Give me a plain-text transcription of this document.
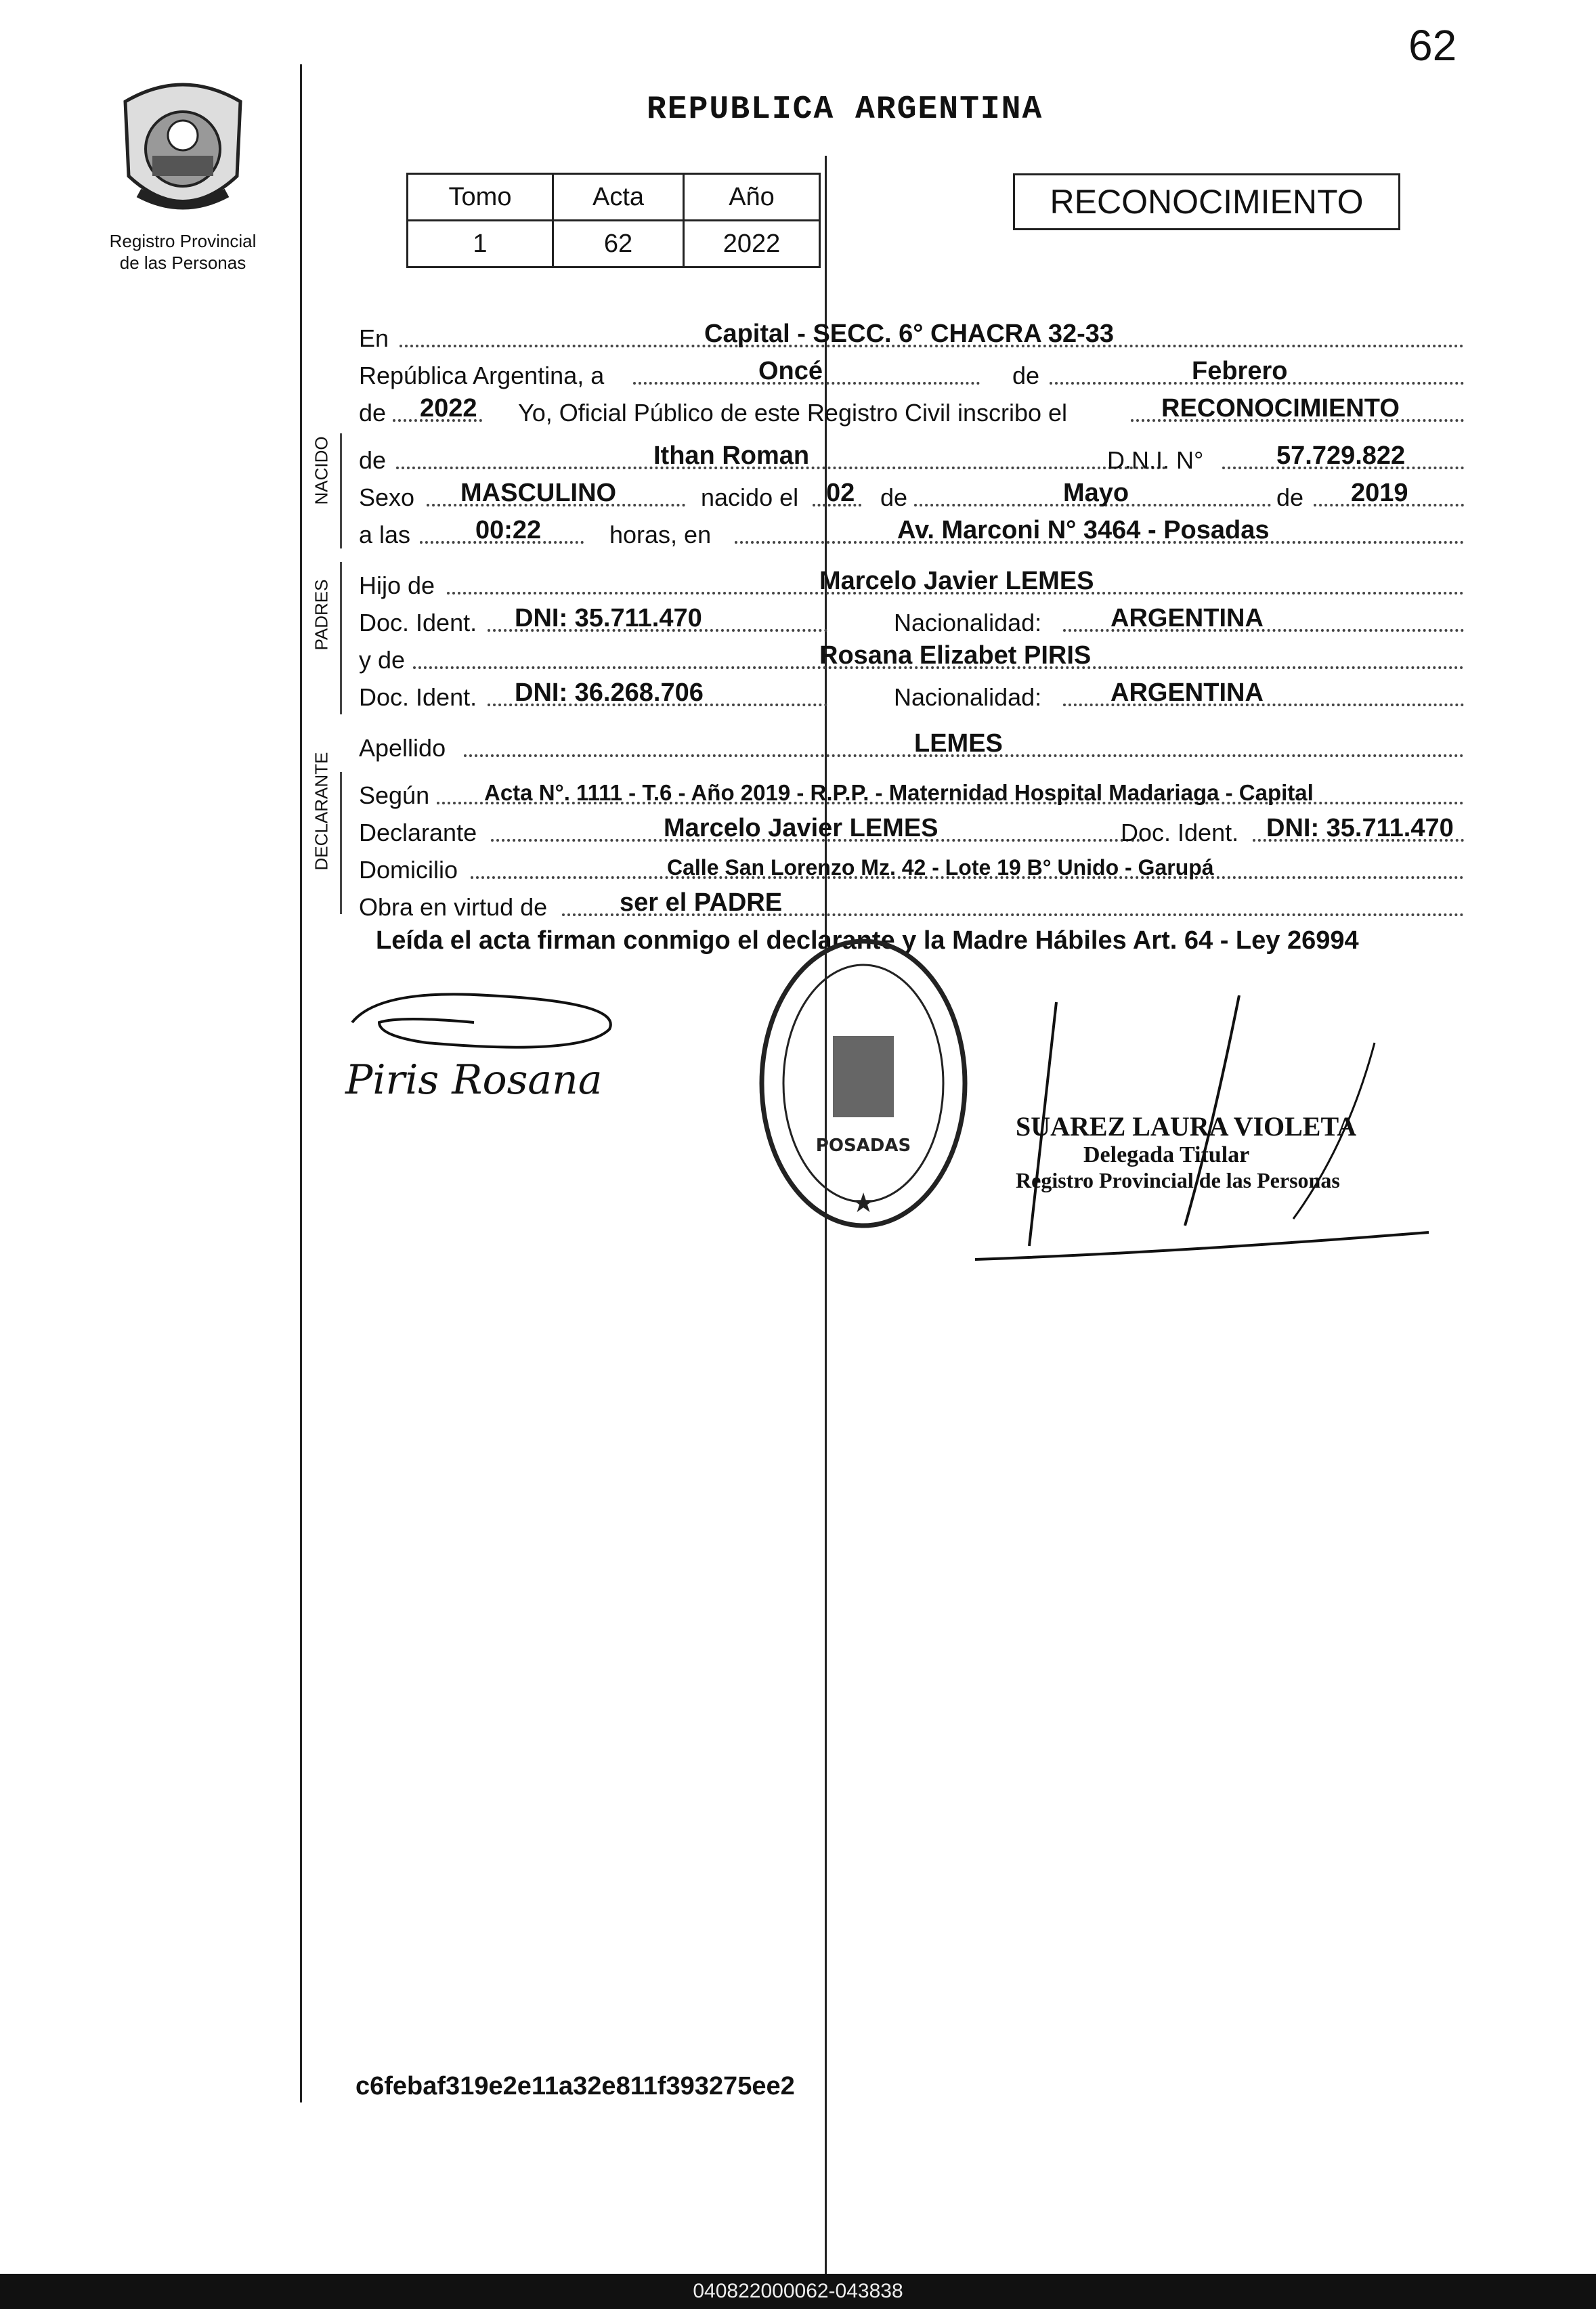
62
Registro Provincial
de las Personas
REPUBLICA ARGENTINA
Tomo	Acta	Año
1	62	2022
RECONOCIMIENTO
En	Capital - SECC. 6° CHACRA 32-33
República Argentina, a	Oncé	de	Febrero
de 2022 Yo, Oficial Público de este Registro Civil inscribo el	RECONOCIMIENTO
NACIDO de	Ithan Roman	D.N.I. N°	57.729.822
Sexo MASCULINO	nacido el 02 de	Mayo	de 2019
a las	00:22	horas, en	Av. Marconi N° 3464 - Posadas
PADRES Hijo de	Marcelo Javier LEMES
Doc. Ident. DNI: 35.711.470	Nacionalidad:	ARGENTINA
y de	Rosana Elizabet PIRIS
Doc. Ident. DNI: 36.268.706	Nacionalidad:	ARGENTINA
Apellido	LEMES
DECLARANTE Según Acta N°. 1111 - T.6 - Año 2019 - R.P.P. - Maternidad Hospital Madariaga - Capital
Declarante	Marcelo Javier LEMES	Doc. Ident. DNI: 35.711.470
Domicilio	Calle San Lorenzo Mz. 42 - Lote 19 B° Unido - Garupá
Obra en virtud de	ser el PADRE
Leída el acta firman conmigo el declarante y la Madre Hábiles Art. 64 - Ley 26994
Piris Rosana
POSADAS
★
SUAREZ LAURA VIOLETA
Delegada Titular
Registro Provincial de las Personas
c6febaf319e2e11a32e811f393275ee2
040822000062-043838
